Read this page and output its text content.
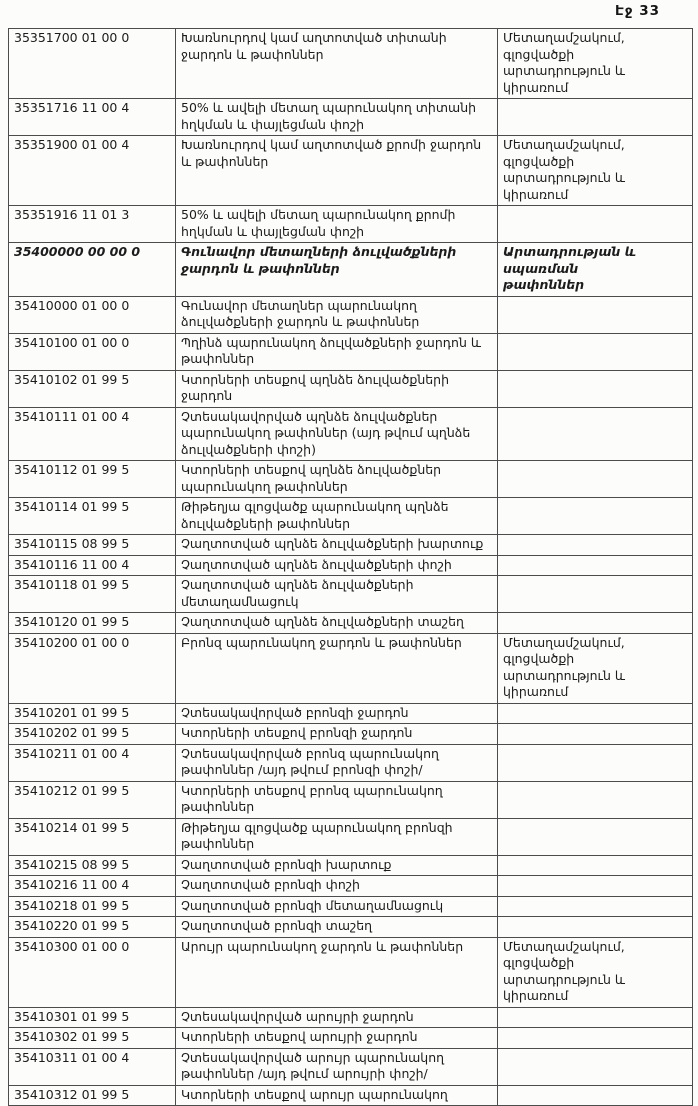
Էջ 33
35351700 01 00 0	Խառնուրդով կամ աղտոտված տիտանի ջարդոն և թափոններ	Մետաղամշակում, գլոցվածքի արտադրություն և կիրառում

35351716 11 00 4	50% և ավելի մետաղ պարունակող տիտանի հղկման և փայլեցման փոշի	

35351900 01 00 4	Խառնուրդով կամ աղտոտված քրոմի ջարդոն և թափոններ	Մետաղամշակում, գլոցվածքի արտադրություն և կիրառում

35351916 11 01 3	50% և ավելի մետաղ պարունակող քրոմի հղկման և փայլեցման փոշի	

35400000 00 00 0	Գունավոր մետաղների ձուլվածքների ջարդոն և թափոններ	Արտադրության և սպառման թափոններ

35410000 01 00 0	Գունավոր մետաղներ պարունակող ձուլվածքների ջարդոն և թափոններ	

35410100 01 00 0	Պղինձ պարունակող ձուլվածքների ջարդոն և թափոններ	

35410102 01 99 5	Կտորների տեսքով պղնձե ձուլվածքների ջարդոն	

35410111 01 00 4	Չտեսակավորված պղնձե ձուլվածքներ պարունակող թափոններ (այդ թվում պղնձե ձուլվածքների փոշի)	

35410112 01 99 5	Կտորների տեսքով պղնձե ձուլվածքներ պարունակող թափոններ	

35410114 01 99 5	Թիթեղյա գլոցվածք պարունակող պղնձե ձուլվածքների թափոններ	

35410115 08 99 5	Չաղտոտված պղնձե ձուլվածքների խարտուք	

35410116 11 00 4	Չաղտոտված պղնձե ձուլվածքների փոշի	

35410118 01 99 5	Չաղտոտված պղնձե ձուլվածքների մետաղամնացուկ	

35410120 01 99 5	Չաղտոտված պղնձե ձուլվածքների տաշեղ	

35410200 01 00 0	Բրոնզ պարունակող ջարդոն և թափոններ	Մետաղամշակում, գլոցվածքի արտադրություն և կիրառում

35410201 01 99 5	Չտեսակավորված բրոնզի ջարդոն	

35410202 01 99 5	Կտորների տեսքով բրոնզի ջարդոն	

35410211 01 00 4	Չտեսակավորված բրոնզ պարունակող թափոններ /այդ թվում բրոնզի փոշի/	

35410212 01 99 5	Կտորների տեսքով բրոնզ պարունակող թափոններ	

35410214 01 99 5	Թիթեղյա գլոցվածք պարունակող բրոնզի թափոններ	

35410215 08 99 5	Չաղտոտված բրոնզի խարտուք	

35410216 11 00 4	Չաղտոտված բրոնզի փոշի	

35410218 01 99 5	Չաղտոտված բրոնզի մետաղամնացուկ	

35410220 01 99 5	Չաղտոտված բրոնզի տաշեղ	

35410300 01 00 0	Արույր պարունակող ջարդոն և թափոններ	Մետաղամշակում, գլոցվածքի արտադրություն և կիրառում

35410301 01 99 5	Չտեսակավորված արույրի ջարդոն	

35410302 01 99 5	Կտորների տեսքով արույրի ջարդոն	

35410311 01 00 4	Չտեսակավորված արույր պարունակող թափոններ /այդ թվում արույրի փոշի/	

35410312 01 99 5	Կտորների տեսքով արույր պարունակող	
